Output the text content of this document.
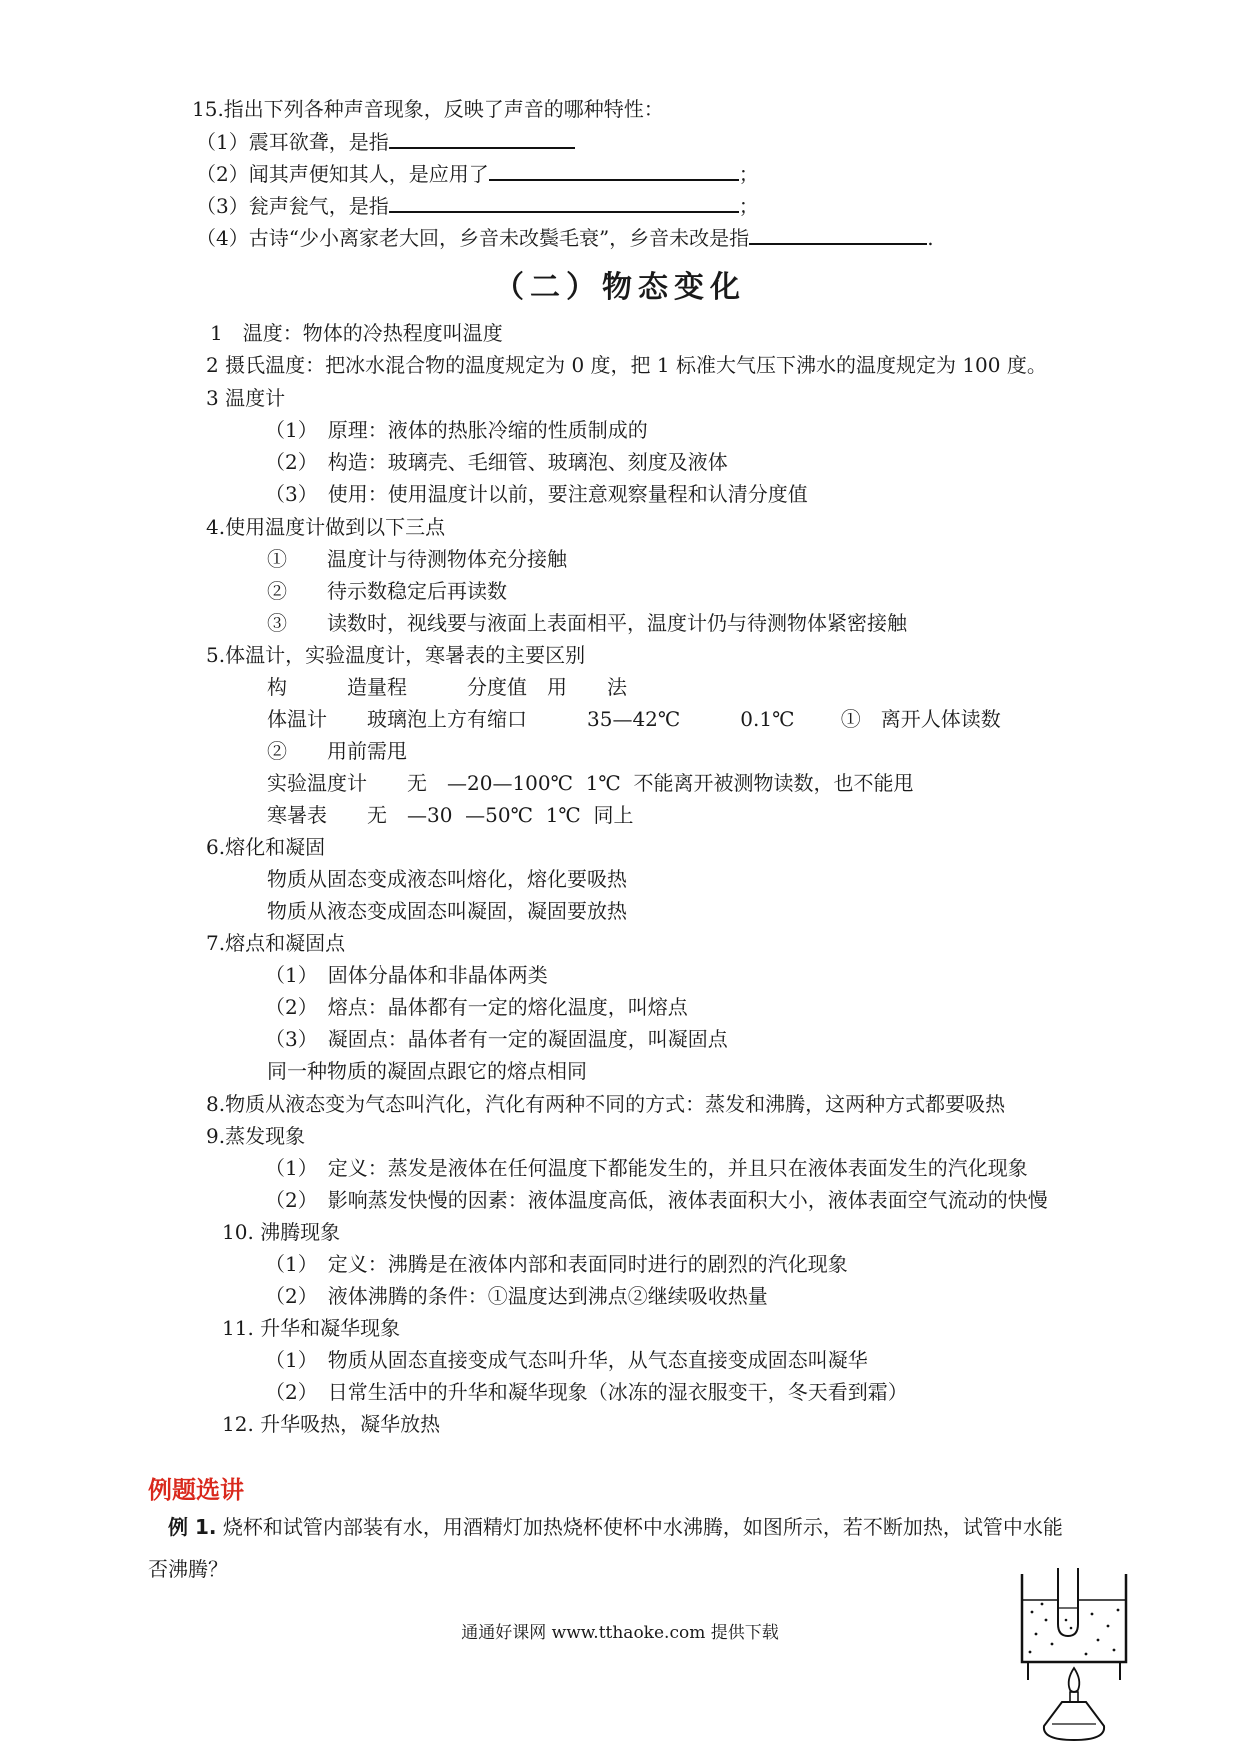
15.指出下列各种声音现象，反映了声音的哪种特性：
（1）震耳欲聋，是指
（2）闻其声便知其人，是应用了	；
（3）瓮声瓮气，是指	；
（4）古诗“少小离家老大回，乡音未改鬓毛衰”，乡音未改是指	.
（二）物态变化
1　温度：物体的冷热程度叫温度
2 摄氏温度：把冰水混合物的温度规定为 0 度，把 1 标准大气压下沸水的温度规定为 100 度。
3 温度计
（1）　原理：液体的热胀冷缩的性质制成的
（2）　构造：玻璃壳、毛细管、玻璃泡、刻度及液体
（3）　使用：使用温度计以前，要注意观察量程和认清分度值
4.使用温度计做到以下三点
①　　温度计与待测物体充分接触
②　　待示数稳定后再读数
③　　读数时，视线要与液面上表面相平，温度计仍与待测物体紧密接触
5.体温计，实验温度计，寒暑表的主要区别
构　　　造量程　　　分度值　用　　法
体温计　　玻璃泡上方有缩口　　　35—42℃　　　0.1℃　　 ①　离开人体读数
②　　用前需甩
实验温度计　　无　—20—100℃  1℃  不能离开被测物读数，也不能甩
寒暑表　　无　—30  —50℃  1℃  同上
6.熔化和凝固
物质从固态变成液态叫熔化，熔化要吸热
物质从液态变成固态叫凝固，凝固要放热
7.熔点和凝固点
（1）　固体分晶体和非晶体两类
（2）　熔点：晶体都有一定的熔化温度，叫熔点
（3）　凝固点：晶体者有一定的凝固温度，叫凝固点
同一种物质的凝固点跟它的熔点相同
8.物质从液态变为气态叫汽化，汽化有两种不同的方式：蒸发和沸腾，这两种方式都要吸热
9.蒸发现象
（1）　定义：蒸发是液体在任何温度下都能发生的，并且只在液体表面发生的汽化现象
（2）　影响蒸发快慢的因素：液体温度高低，液体表面积大小，液体表面空气流动的快慢
10. 沸腾现象
（1）　定义：沸腾是在液体内部和表面同时进行的剧烈的汽化现象
（2）　液体沸腾的条件：①温度达到沸点②继续吸收热量
11. 升华和凝华现象
（1）　物质从固态直接变成气态叫升华，从气态直接变成固态叫凝华
（2）　日常生活中的升华和凝华现象（冰冻的湿衣服变干，冬天看到霜）
12. 升华吸热，凝华放热
例题选讲
例 1. 烧杯和试管内部装有水，用酒精灯加热烧杯使杯中水沸腾，如图所示，若不断加热，试管中水能
否沸腾？
通通好课网 www.tthaoke.com 提供下载
